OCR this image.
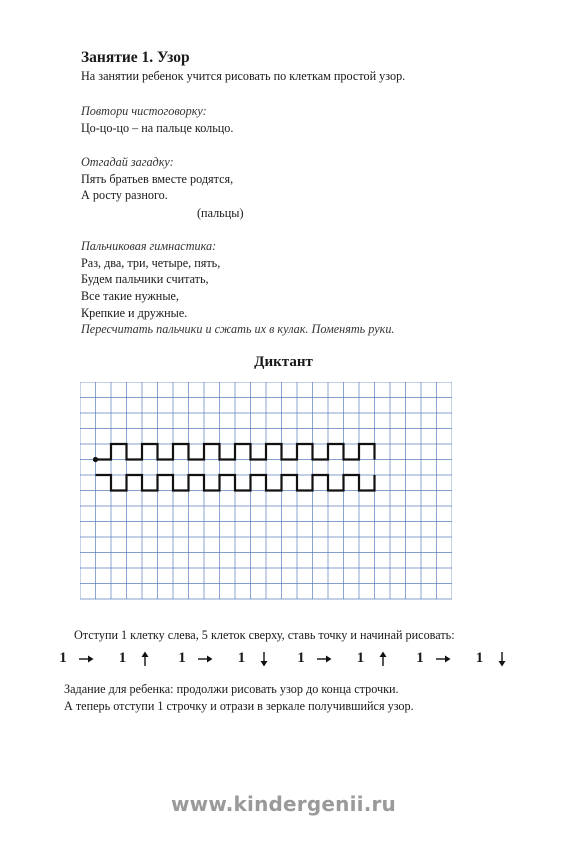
Занятие 1. Узор
На занятии ребенок учится рисовать по клеткам простой узор.
Повтори чистоговорку:
Цо-цо-цо – на пальце кольцо.
Отгадай загадку:
Пять братьев вместе родятся,
А росту разного.
(пальцы)
Пальчиковая гимнастика:
Раз, два, три, четыре, пять,
Будем пальчики считать,
Все такие нужные,
Крепкие и дружные.
Пересчитать пальчики и сжать их в кулак. Поменять руки.
Диктант
Отступи 1 клетку слева, 5 клеток сверху, ставь точку и начинай рисовать:
1	1	1	1	1	1	1	1
Задание для ребенка: продолжи рисовать узор до конца строчки.
А теперь отступи 1 строчку и отрази в зеркале получившийся узор.
www.kindergenii.ru
